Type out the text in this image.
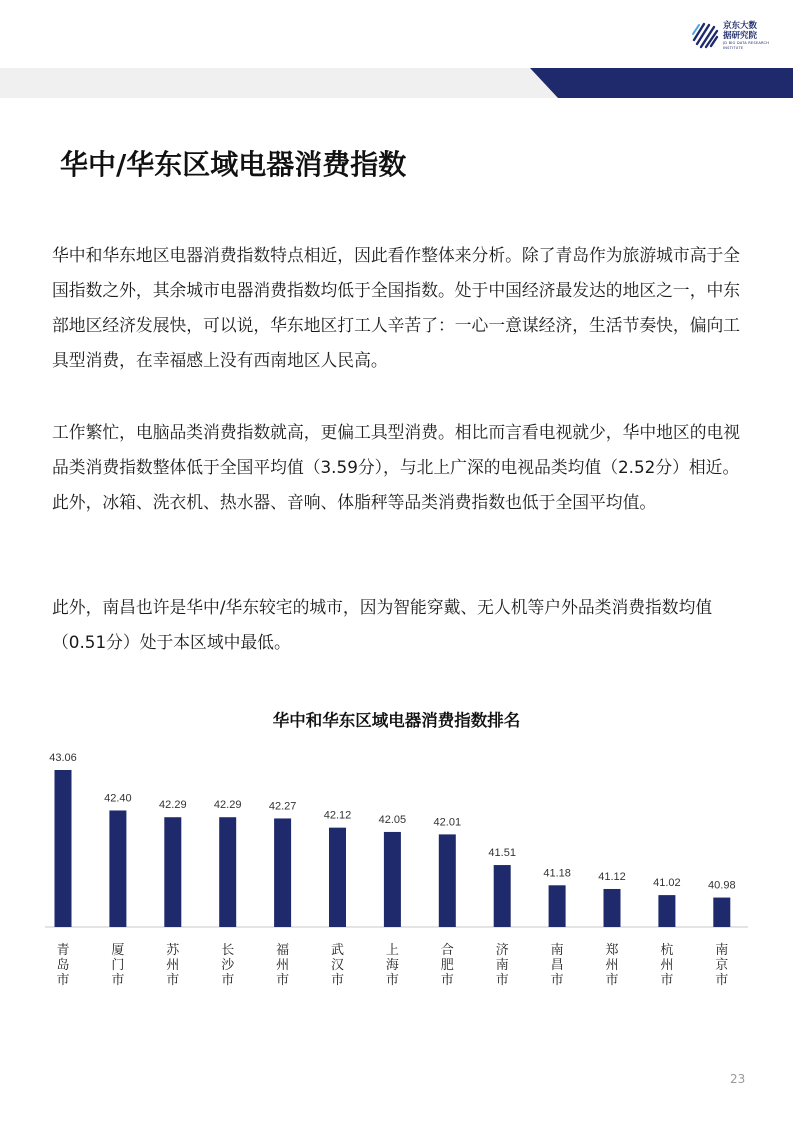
京东大数据研究院
JD BIG DATA RESEARCH INSTITUTE
华中/华东区域电器消费指数

华中和华东地区电器消费指数特点相近，因此看作整体来分析。除了青岛作为旅游城市高于全国指数之外，其余城市电器消费指数均低于全国指数。处于中国经济最发达的地区之一，中东部地区经济发展快，可以说，华东地区打工人辛苦了：一心一意谋经济，生活节奏快，偏向工具型消费，在幸福感上没有西南地区人民高。

工作繁忙，电脑品类消费指数就高，更偏工具型消费。相比而言看电视就少，华中地区的电视品类消费指数整体低于全国平均值（3.59分），与北上广深的电视品类均值（2.52分）相近。此外，冰箱、洗衣机、热水器、音响、体脂秤等品类消费指数也低于全国平均值。

此外，南昌也许是华中/华东较宅的城市，因为智能穿戴、无人机等户外品类消费指数均值（0.51分）处于本区域中最低。

华中和华东区域电器消费指数排名
43.06
青岛市
42.40
厦门市
42.29
苏州市
42.29
长沙市
42.27
福州市
42.12
武汉市
42.05
上海市
42.01
合肥市
41.51
济南市
41.18
南昌市
41.12
郑州市
41.02
杭州市
40.98
南京市
23
